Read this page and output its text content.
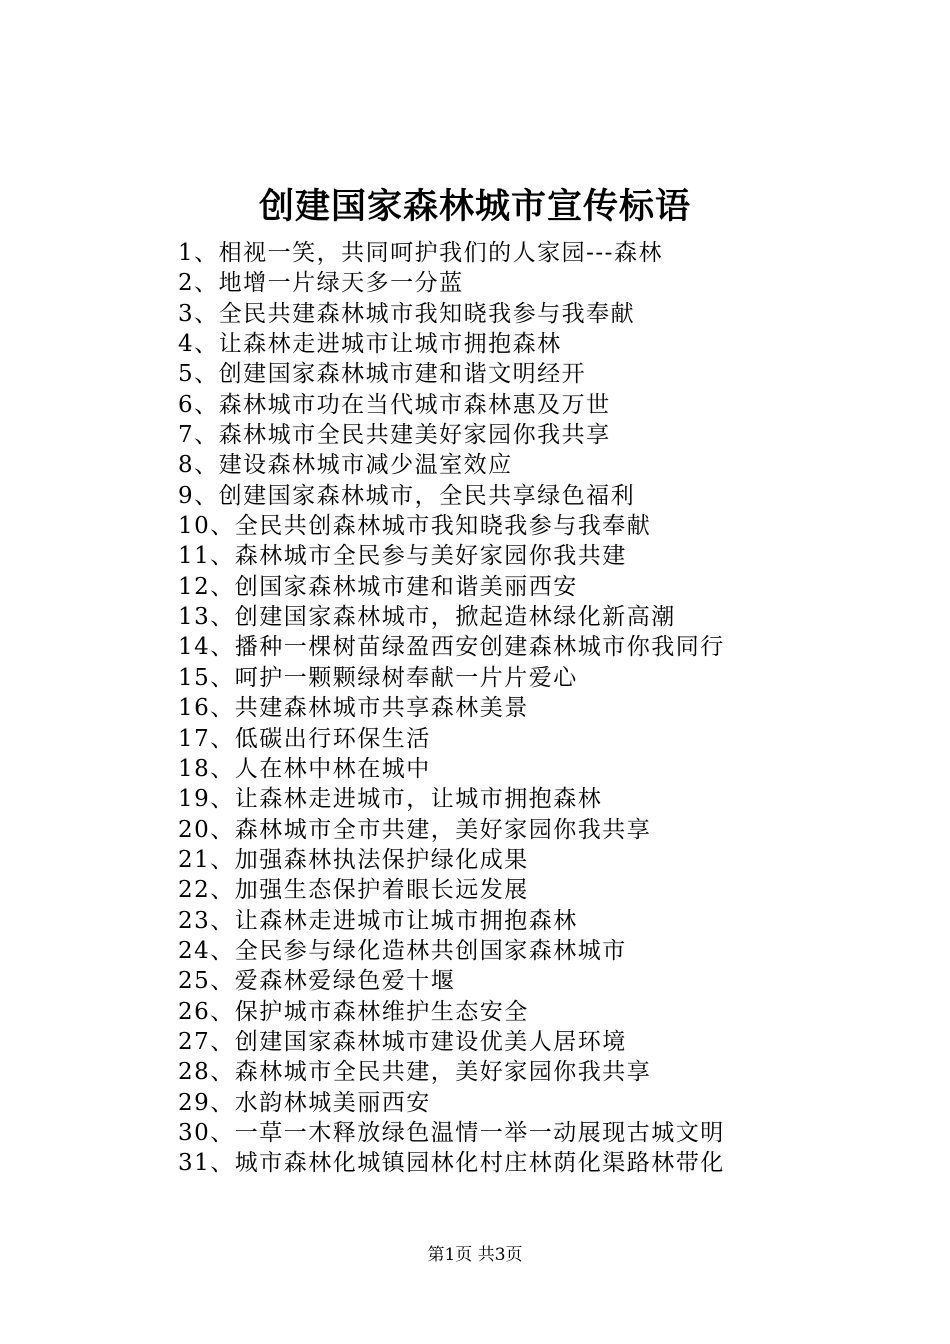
创建国家森林城市宣传标语
1、相视一笑，共同呵护我们的人家园---森林
2、地增一片绿天多一分蓝
3、全民共建森林城市我知晓我参与我奉献
4、让森林走进城市让城市拥抱森林
5、创建国家森林城市建和谐文明经开
6、森林城市功在当代城市森林惠及万世
7、森林城市全民共建美好家园你我共享
8、建设森林城市减少温室效应
9、创建国家森林城市，全民共享绿色福利
10、全民共创森林城市我知晓我参与我奉献
11、森林城市全民参与美好家园你我共建
12、创国家森林城市建和谐美丽西安
13、创建国家森林城市，掀起造林绿化新高潮
14、播种一棵树苗绿盈西安创建森林城市你我同行
15、呵护一颗颗绿树奉献一片片爱心
16、共建森林城市共享森林美景
17、低碳出行环保生活
18、人在林中林在城中
19、让森林走进城市，让城市拥抱森林
20、森林城市全市共建，美好家园你我共享
21、加强森林执法保护绿化成果
22、加强生态保护着眼长远发展
23、让森林走进城市让城市拥抱森林
24、全民参与绿化造林共创国家森林城市
25、爱森林爱绿色爱十堰
26、保护城市森林维护生态安全
27、创建国家森林城市建设优美人居环境
28、森林城市全民共建，美好家园你我共享
29、水韵林城美丽西安
30、一草一木释放绿色温情一举一动展现古城文明
31、城市森林化城镇园林化村庄林荫化渠路林带化
第1页 共3页
